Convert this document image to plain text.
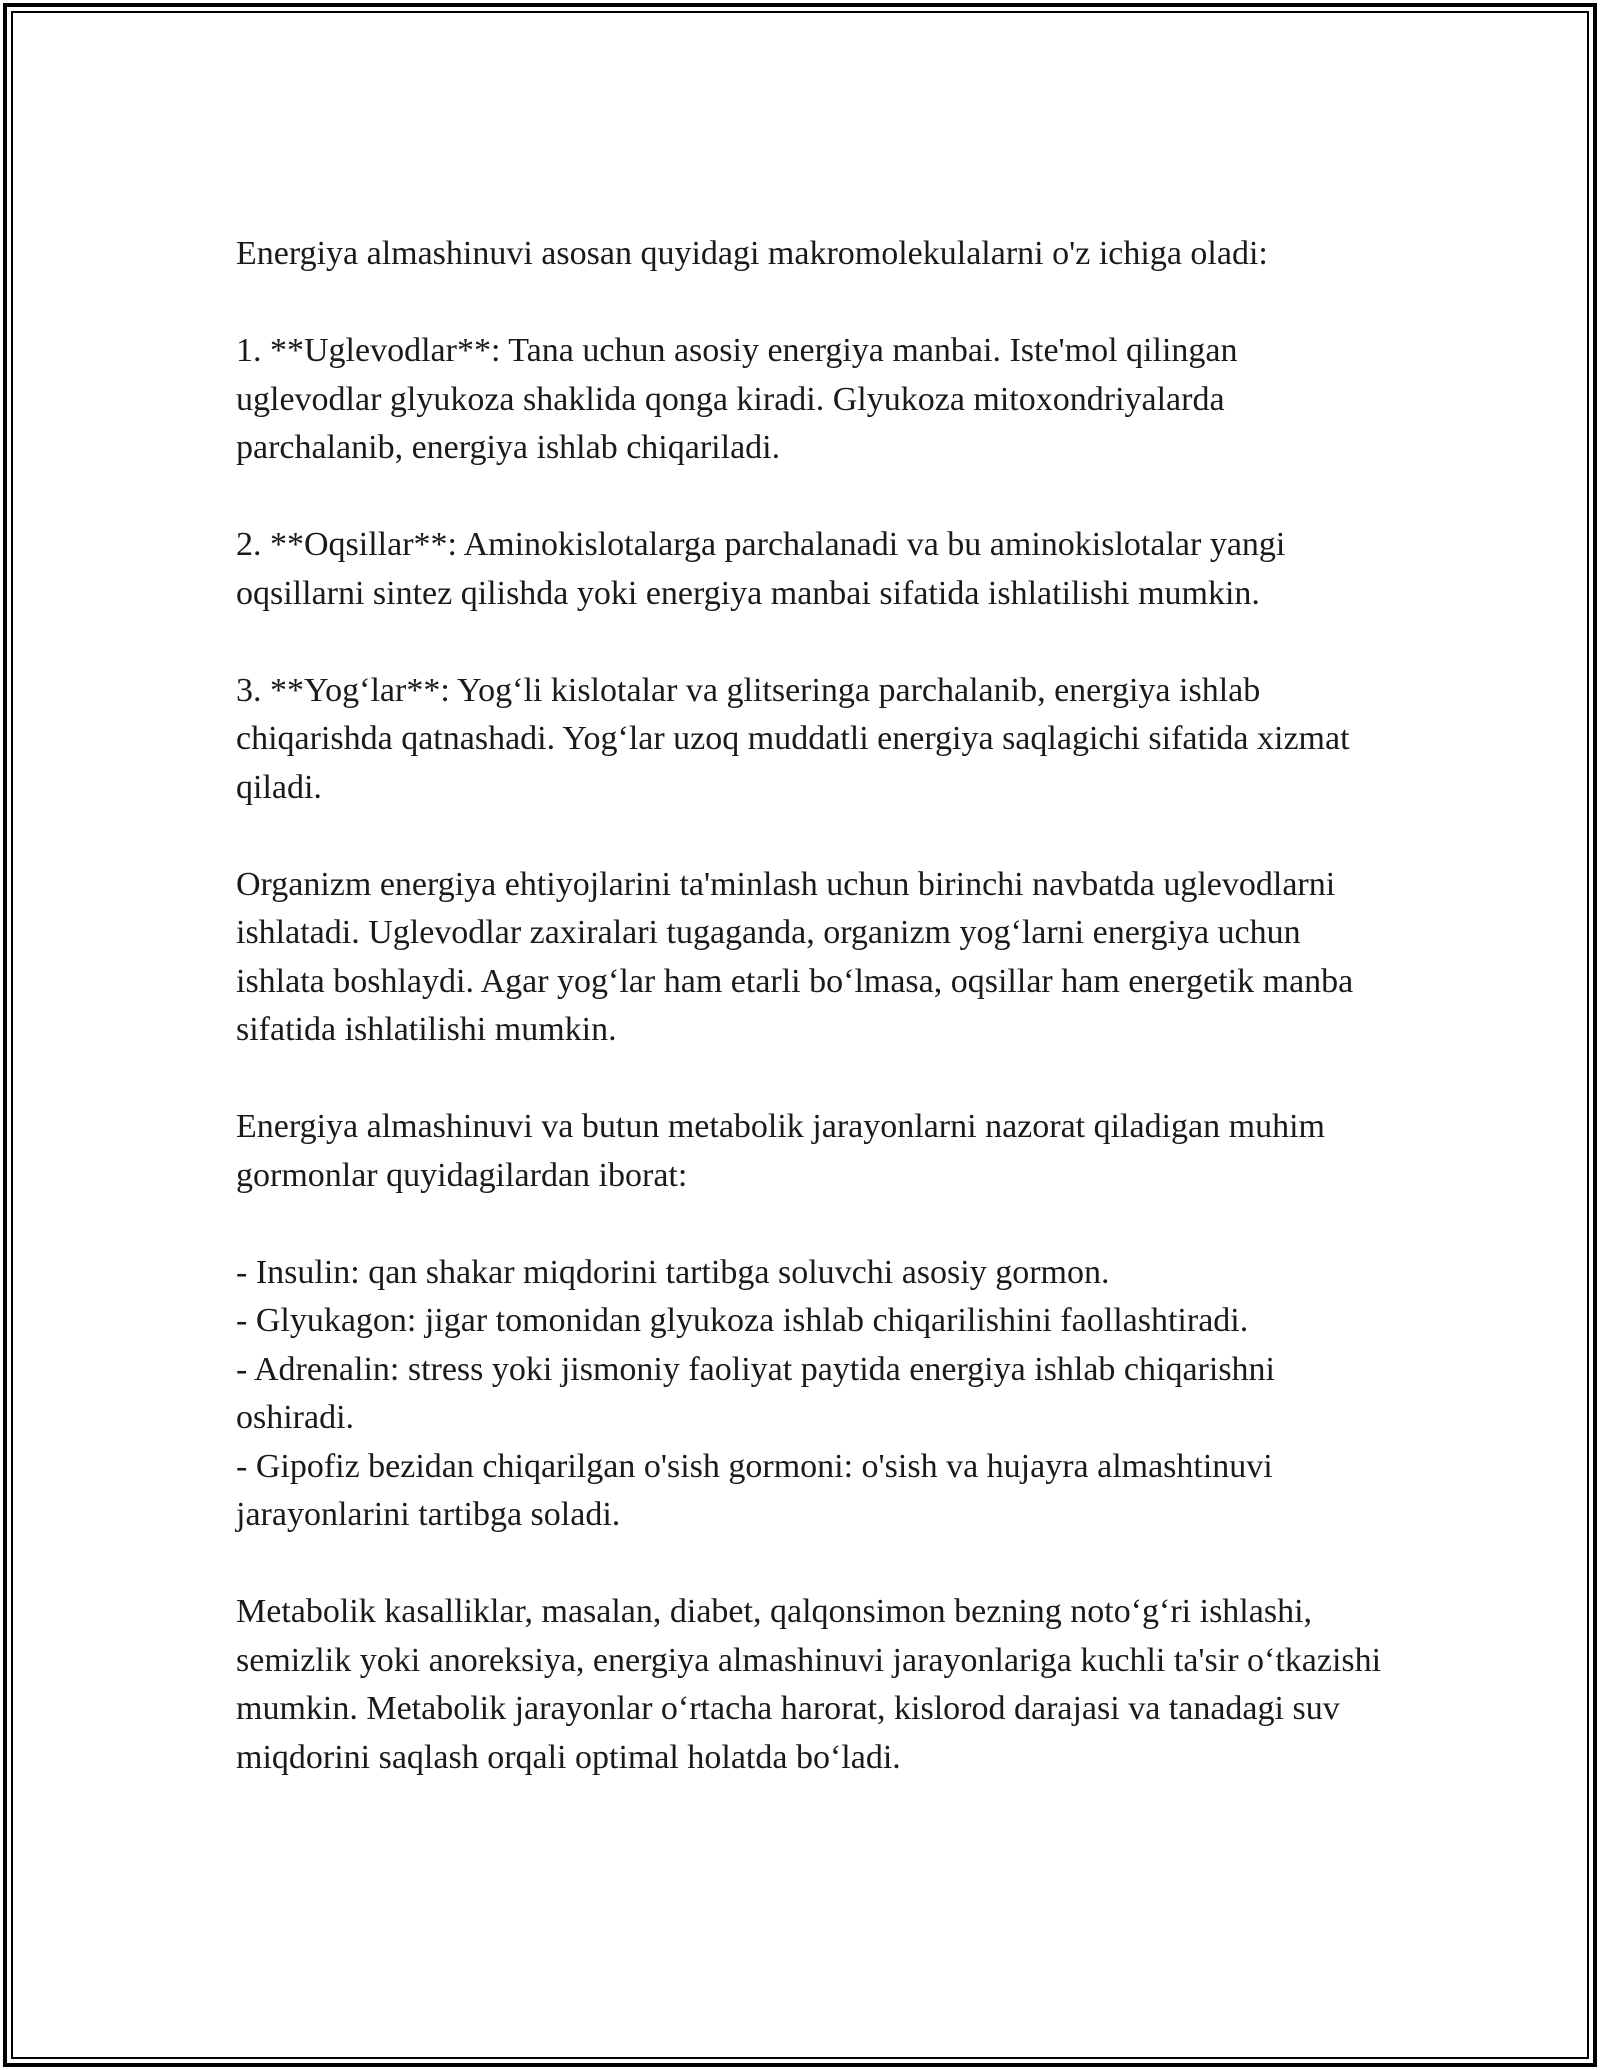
Energiya almashinuvi asosan quyidagi makromolekulalarni o'z ichiga oladi:

1. **Uglevodlar**: Tana uchun asosiy energiya manbai. Iste'mol qilingan uglevodlar glyukoza shaklida qonga kiradi. Glyukoza mitoxondriyalarda parchalanib, energiya ishlab chiqariladi.

2. **Oqsillar**: Aminokislotalarga parchalanadi va bu aminokislotalar yangi oqsillarni sintez qilishda yoki energiya manbai sifatida ishlatilishi mumkin.

3. **Yog‘lar**: Yog‘li kislotalar va glitseringa parchalanib, energiya ishlab chiqarishda qatnashadi. Yog‘lar uzoq muddatli energiya saqlagichi sifatida xizmat qiladi.

Organizm energiya ehtiyojlarini ta'minlash uchun birinchi navbatda uglevodlarni ishlatadi. Uglevodlar zaxiralari tugaganda, organizm yog‘larni energiya uchun ishlata boshlaydi. Agar yog‘lar ham etarli bo‘lmasa, oqsillar ham energetik manba sifatida ishlatilishi mumkin.

Energiya almashinuvi va butun metabolik jarayonlarni nazorat qiladigan muhim gormonlar quyidagilardan iborat:

- Insulin: qan shakar miqdorini tartibga soluvchi asosiy gormon.
- Glyukagon: jigar tomonidan glyukoza ishlab chiqarilishini faollashtiradi.
- Adrenalin: stress yoki jismoniy faoliyat paytida energiya ishlab chiqarishni oshiradi.
- Gipofiz bezidan chiqarilgan o'sish gormoni: o'sish va hujayra almashtinuvi jarayonlarini tartibga soladi.

Metabolik kasalliklar, masalan, diabet, qalqonsimon bezning noto‘g‘ri ishlashi, semizlik yoki anoreksiya, energiya almashinuvi jarayonlariga kuchli ta'sir o‘tkazishi mumkin. Metabolik jarayonlar o‘rtacha harorat, kislorod darajasi va tanadagi suv miqdorini saqlash orqali optimal holatda bo‘ladi.
